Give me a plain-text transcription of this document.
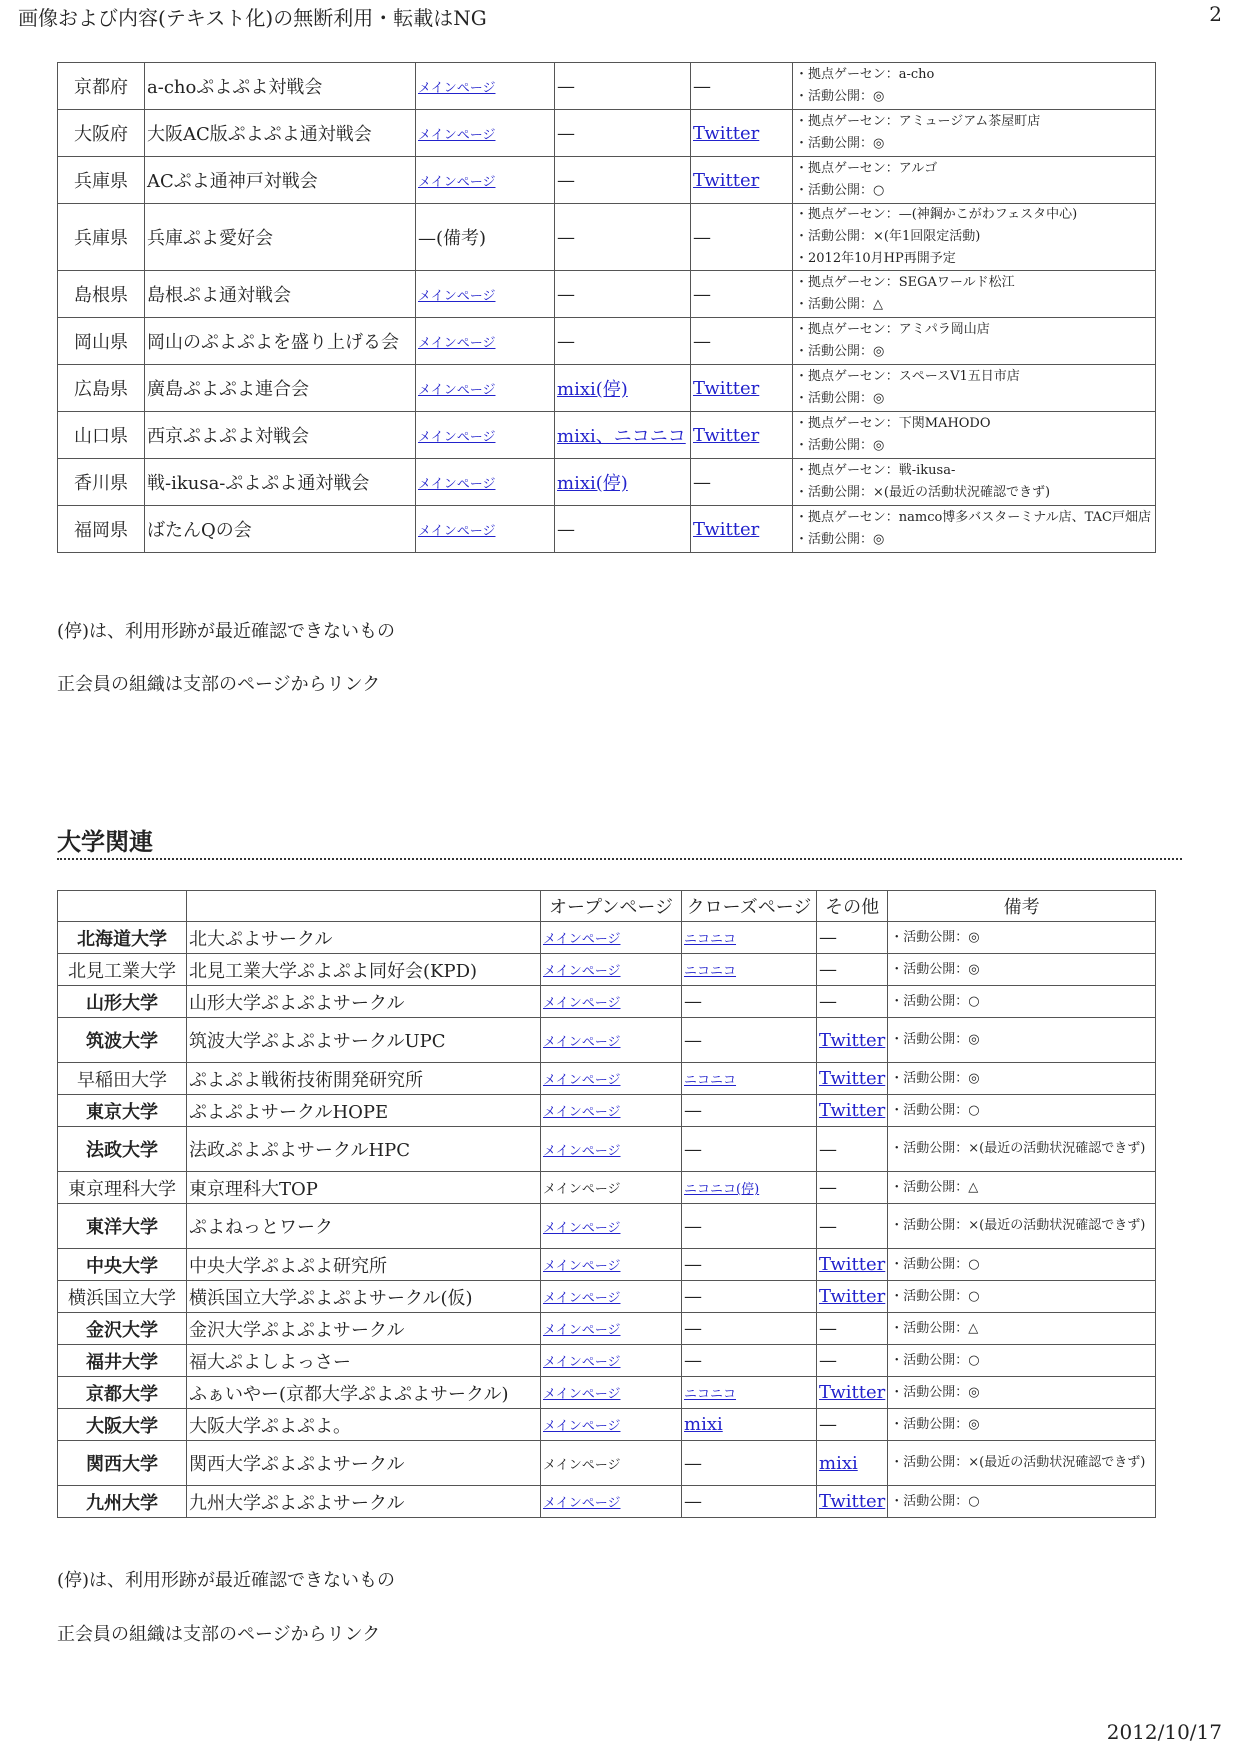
画像および内容(テキスト化)の無断利用・転載はNG	2
京都府	a-choぷよぷよ対戦会	メインページ	—	—	・拠点ゲーセン：a-cho
・活動公開：◎

大阪府	大阪AC版ぷよぷよ通対戦会	メインページ	—	Twitter	・拠点ゲーセン：アミュージアム茶屋町店
・活動公開：◎

兵庫県	ACぷよ通神戸対戦会	メインページ	—	Twitter	・拠点ゲーセン：アルゴ
・活動公開：○

兵庫県	兵庫ぷよ愛好会	—(備考)	—	—	・拠点ゲーセン：—(神鋼かこがわフェスタ中心)
・活動公開：×(年1回限定活動)
・2012年10月HP再開予定

島根県	島根ぷよ通対戦会	メインページ	—	—	・拠点ゲーセン：SEGAワールド松江
・活動公開：△

岡山県	岡山のぷよぷよを盛り上げる会	メインページ	—	—	・拠点ゲーセン：アミパラ岡山店
・活動公開：◎

広島県	廣島ぷよぷよ連合会	メインページ	mixi(停)	Twitter	・拠点ゲーセン：スペースV1五日市店
・活動公開：◎

山口県	西京ぷよぷよ対戦会	メインページ	mixi、ニコニコ	Twitter	・拠点ゲーセン：下関MAHODO
・活動公開：◎

香川県	戦-ikusa-ぷよぷよ通対戦会	メインページ	mixi(停)	—	・拠点ゲーセン：戦-ikusa-
・活動公開：×(最近の活動状況確認できず)

福岡県	ばたんQの会	メインページ	—	Twitter	・拠点ゲーセン：namco博多バスターミナル店、TAC戸畑店
・活動公開：◎
(停)は、利用形跡が最近確認できないもの
正会員の組織は支部のページからリンク
大学関連
		オープンページ	クローズページ	その他	備考
北海道大学	北大ぷよサークル	メインページ	ニコニコ	—	・活動公開：◎
北見工業大学	北見工業大学ぷよぷよ同好会(KPD)	メインページ	ニコニコ	—	・活動公開：◎
山形大学	山形大学ぷよぷよサークル	メインページ	—	—	・活動公開：○
筑波大学	筑波大学ぷよぷよサークルUPC	メインページ	—	Twitter	・活動公開：◎
早稲田大学	ぷよぷよ戦術技術開発研究所	メインページ	ニコニコ	Twitter	・活動公開：◎
東京大学	ぷよぷよサークルHOPE	メインページ	—	Twitter	・活動公開：○
法政大学	法政ぷよぷよサークルHPC	メインページ	—	—	・活動公開：×(最近の活動状況確認できず)
東京理科大学	東京理科大TOP	メインページ	ニコニコ(停)	—	・活動公開：△
東洋大学	ぷよねっとワーク	メインページ	—	—	・活動公開：×(最近の活動状況確認できず)
中央大学	中央大学ぷよぷよ研究所	メインページ	—	Twitter	・活動公開：○
横浜国立大学	横浜国立大学ぷよぷよサークル(仮)	メインページ	—	Twitter	・活動公開：○
金沢大学	金沢大学ぷよぷよサークル	メインページ	—	—	・活動公開：△
福井大学	福大ぷよしよっさー	メインページ	—	—	・活動公開：○
京都大学	ふぁいやー(京都大学ぷよぷよサークル)	メインページ	ニコニコ	Twitter	・活動公開：◎
大阪大学	大阪大学ぷよぷよ。	メインページ	mixi	—	・活動公開：◎
関西大学	関西大学ぷよぷよサークル	メインページ	—	mixi	・活動公開：×(最近の活動状況確認できず)
九州大学	九州大学ぷよぷよサークル	メインページ	—	Twitter	・活動公開：○
(停)は、利用形跡が最近確認できないもの
正会員の組織は支部のページからリンク
2012/10/17
